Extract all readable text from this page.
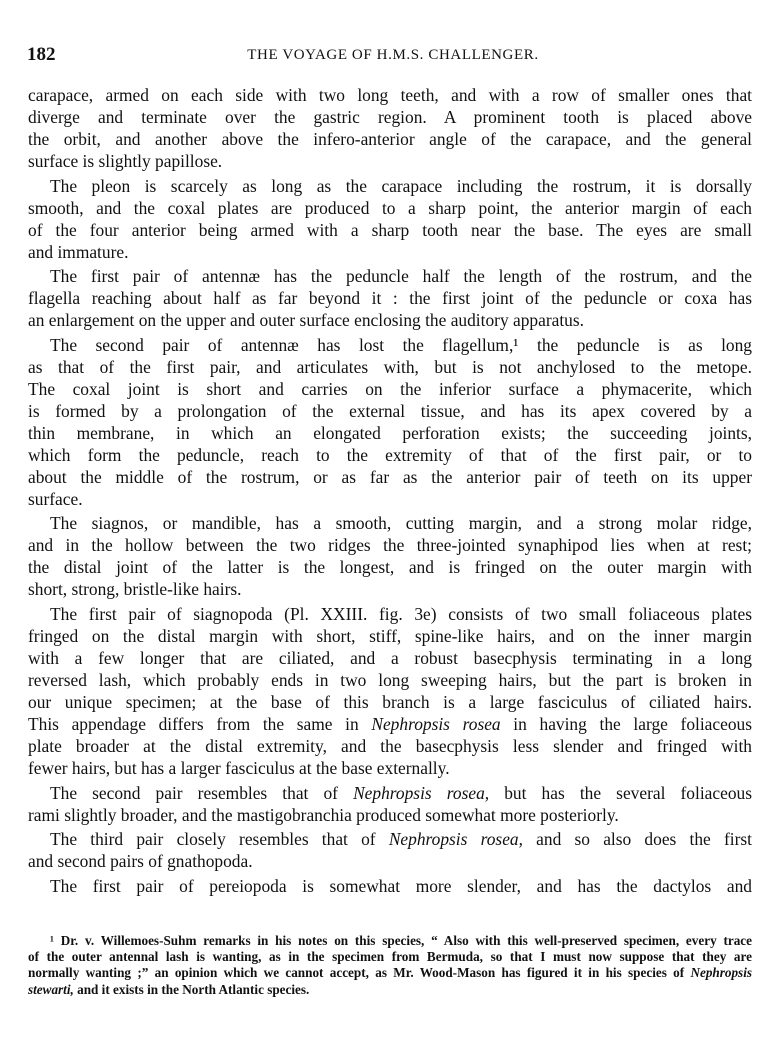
182	THE VOYAGE OF H.M.S. CHALLENGER.
carapace, armed on each side with two long teeth, and with a row of smaller ones that
diverge and terminate over the gastric region. A prominent tooth is placed above
the orbit, and another above the infero-anterior angle of the carapace, and the general
surface is slightly papillose.
The pleon is scarcely as long as the carapace including the rostrum, it is dorsally
smooth, and the coxal plates are produced to a sharp point, the anterior margin of each
of the four anterior being armed with a sharp tooth near the base. The eyes are small
and immature.
The first pair of antennæ has the peduncle half the length of the rostrum, and the
flagella reaching about half as far beyond it : the first joint of the peduncle or coxa has
an enlargement on the upper and outer surface enclosing the auditory apparatus.
The second pair of antennæ has lost the flagellum,¹ the peduncle is as long
as that of the first pair, and articulates with, but is not anchylosed to the metope.
The coxal joint is short and carries on the inferior surface a phymacerite, which
is formed by a prolongation of the external tissue, and has its apex covered by a
thin membrane, in which an elongated perforation exists; the succeeding joints,
which form the peduncle, reach to the extremity of that of the first pair, or to
about the middle of the rostrum, or as far as the anterior pair of teeth on its upper
surface.
The siagnos, or mandible, has a smooth, cutting margin, and a strong molar ridge,
and in the hollow between the two ridges the three-jointed synaphipod lies when at rest;
the distal joint of the latter is the longest, and is fringed on the outer margin with
short, strong, bristle-like hairs.
The first pair of siagnopoda (Pl. XXIII. fig. 3e) consists of two small foliaceous plates
fringed on the distal margin with short, stiff, spine-like hairs, and on the inner margin
with a few longer that are ciliated, and a robust basecphysis terminating in a long
reversed lash, which probably ends in two long sweeping hairs, but the part is broken in
our unique specimen; at the base of this branch is a large fasciculus of ciliated hairs.
This appendage differs from the same in Nephropsis rosea in having the large foliaceous
plate broader at the distal extremity, and the basecphysis less slender and fringed with
fewer hairs, but has a larger fasciculus at the base externally.
The second pair resembles that of Nephropsis rosea, but has the several foliaceous
rami slightly broader, and the mastigobranchia produced somewhat more posteriorly.
The third pair closely resembles that of Nephropsis rosea, and so also does the first
and second pairs of gnathopoda.
The first pair of pereiopoda is somewhat more slender, and has the dactylos and
¹ Dr. v. Willemoes-Suhm remarks in his notes on this species, “ Also with this well-preserved specimen, every trace
of the outer antennal lash is wanting, as in the specimen from Bermuda, so that I must now suppose that they are
normally wanting ;” an opinion which we cannot accept, as Mr. Wood-Mason has figured it in his species of Nephropsis
stewarti, and it exists in the North Atlantic species.
